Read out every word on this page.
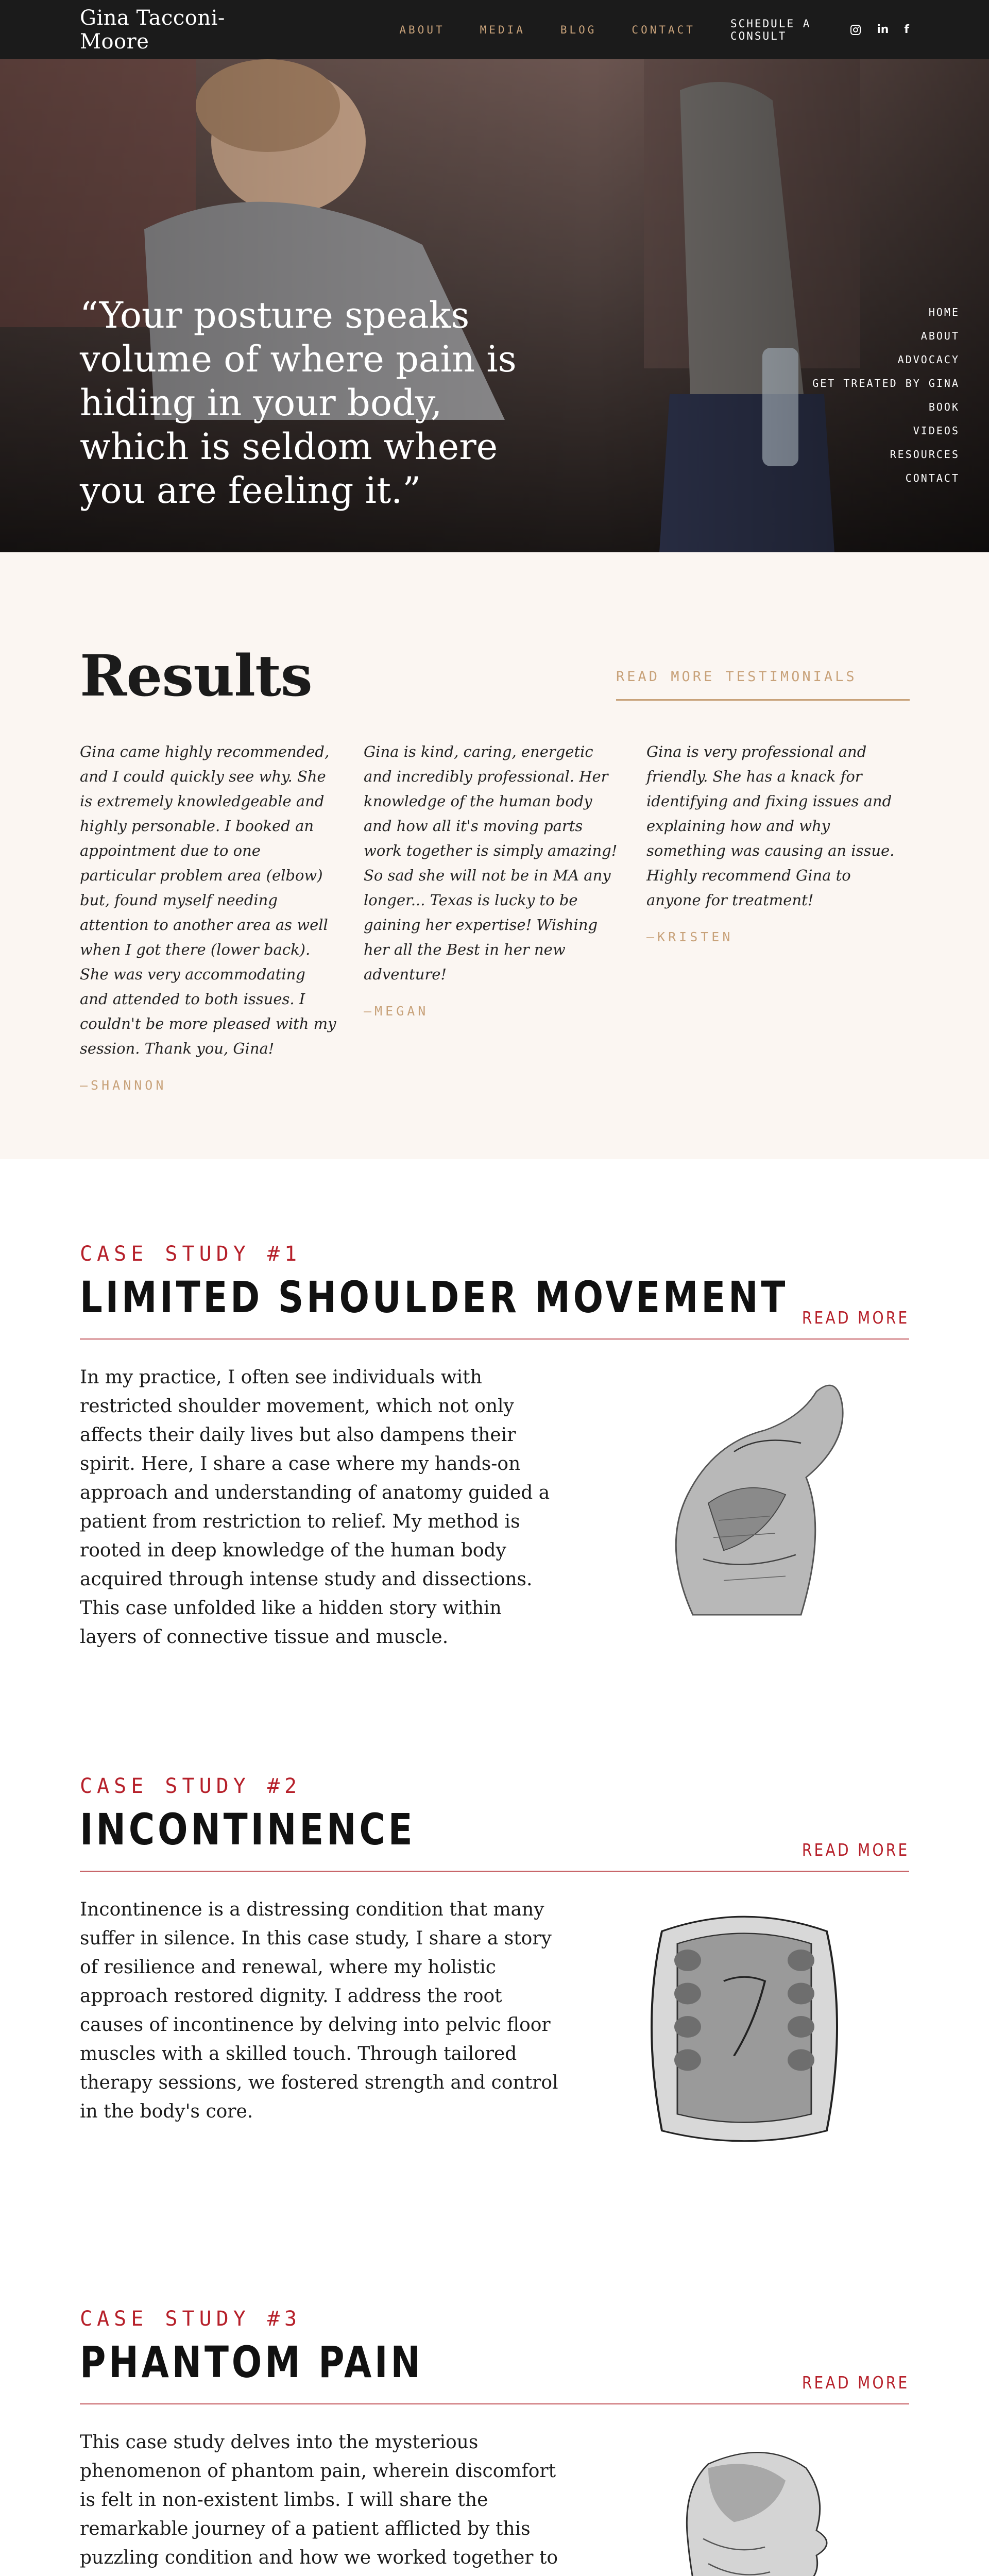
Gina Tacconi-Moore	ABOUT	MEDIA	BLOG	CONTACT	SCHEDULE A CONSULT	in f
“Your posture speaks volume of where pain is hiding in your body, which is seldom where you are feeling it.”
HOME
ABOUT
ADVOCACY
GET TREATED BY GINA
BOOK
VIDEOS
RESOURCES
CONTACT
Results	READ MORE TESTIMONIALS
Gina came highly recommended, and I could quickly see why. She is extremely knowledgeable and highly personable. I booked an appointment due to one particular problem area (elbow) but, found myself needing attention to another area as well when I got there (lower back). She was very accommodating and attended to both issues. I couldn't be more pleased with my session. Thank you, Gina!
—SHANNON
Gina is kind, caring, energetic and incredibly professional. Her knowledge of the human body and how all it's moving parts work together is simply amazing! So sad she will not be in MA any longer... Texas is lucky to be gaining her expertise! Wishing her all the Best in her new adventure!
—MEGAN
Gina is very professional and friendly. She has a knack for identifying and fixing issues and explaining how and why something was causing an issue. Highly recommend Gina to anyone for treatment!
—KRISTEN
CASE STUDY #1
LIMITED SHOULDER MOVEMENT READ MORE

In my practice, I often see individuals with restricted shoulder movement, which not only affects their daily lives but also dampens their spirit. Here, I share a case where my hands-on approach and understanding of anatomy guided a patient from restriction to relief. My method is rooted in deep knowledge of the human body acquired through intense study and dissections. This case unfolded like a hidden story within layers of connective tissue and muscle.

CASE STUDY #2
INCONTINENCE	READ MORE

Incontinence is a distressing condition that many suffer in silence. In this case study, I share a story of resilience and renewal, where my holistic approach restored dignity. I address the root causes of incontinence by delving into pelvic floor muscles with a skilled touch. Through tailored therapy sessions, we fostered strength and control in the body's core.

CASE STUDY #3
PHANTOM PAIN	READ MORE

This case study delves into the mysterious phenomenon of phantom pain, wherein discomfort is felt in non-existent limbs. I will share the remarkable journey of a patient afflicted by this puzzling condition and how we worked together to
